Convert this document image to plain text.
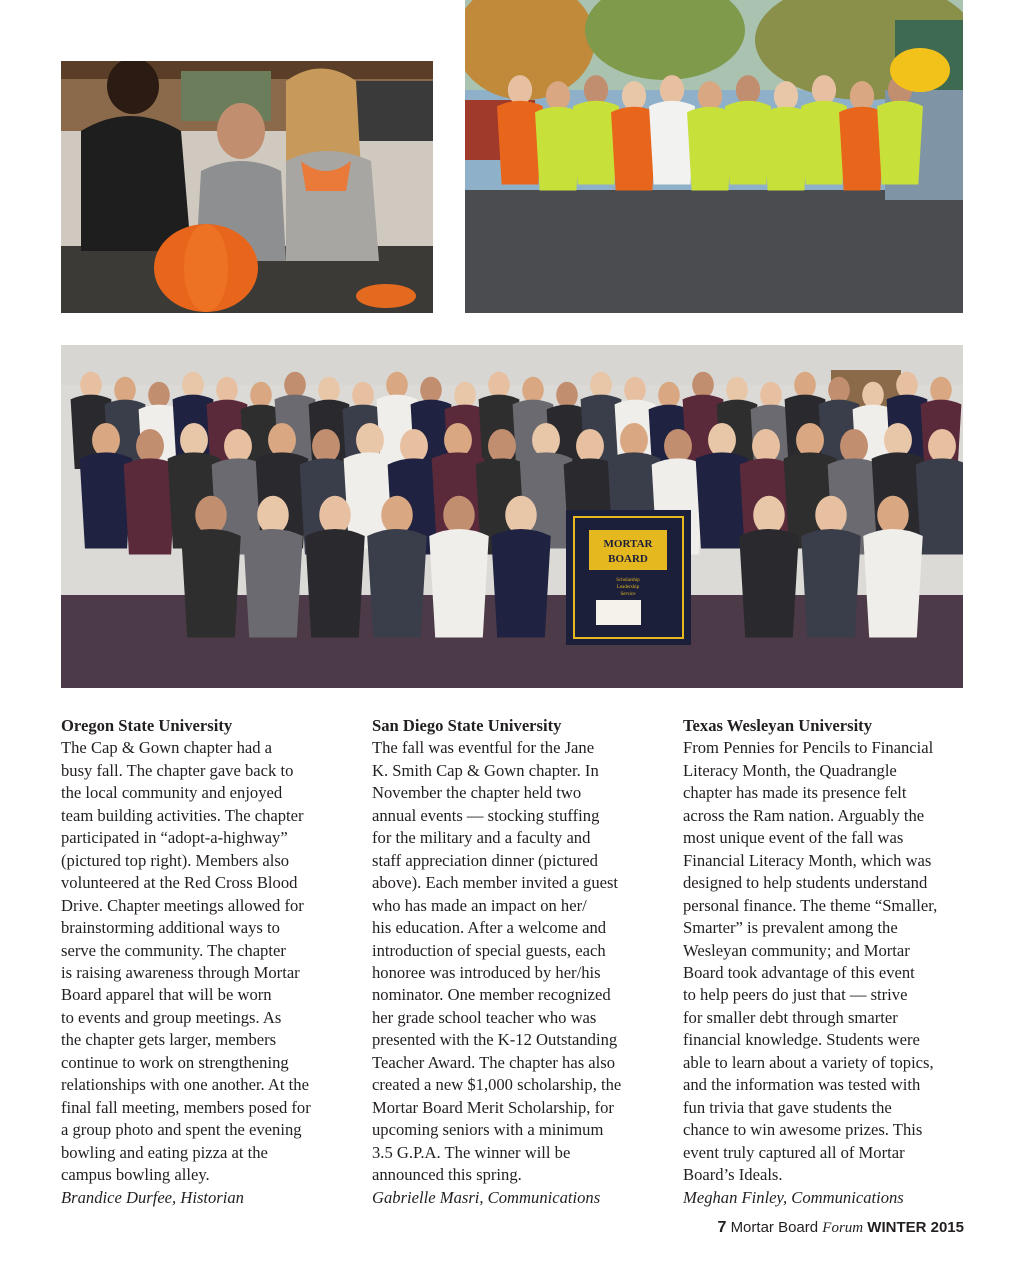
MORTAR
BOARD
Scholarship
Leadership
Service
Oregon State University
The Cap & Gown chapter had a
busy fall. The chapter gave back to
the local community and enjoyed
team building activities. The chapter
participated in “adopt-a-highway”
(pictured top right). Members also
volunteered at the Red Cross Blood
Drive. Chapter meetings allowed for
brainstorming additional ways to
serve the community. The chapter
is raising awareness through Mortar
Board apparel that will be worn
to events and group meetings. As
the chapter gets larger, members
continue to work on strengthening
relationships with one another. At the
final fall meeting, members posed for
a group photo and spent the evening
bowling and eating pizza at the
campus bowling alley.
Brandice Durfee, Historian
San Diego State University
The fall was eventful for the Jane
K. Smith Cap & Gown chapter. In
November the chapter held two
annual events — stocking stuffing
for the military and a faculty and
staff appreciation dinner (pictured
above). Each member invited a guest
who has made an impact on her/
his education. After a welcome and
introduction of special guests, each
honoree was introduced by her/his
nominator. One member recognized
her grade school teacher who was
presented with the K-12 Outstanding
Teacher Award. The chapter has also
created a new $1,000 scholarship, the
Mortar Board Merit Scholarship, for
upcoming seniors with a minimum
3.5 G.P.A. The winner will be
announced this spring.
Gabrielle Masri, Communications
Texas Wesleyan University
From Pennies for Pencils to Financial
Literacy Month, the Quadrangle
chapter has made its presence felt
across the Ram nation. Arguably the
most unique event of the fall was
Financial Literacy Month, which was
designed to help students understand
personal finance. The theme “Smaller,
Smarter” is prevalent among the
Wesleyan community; and Mortar
Board took advantage of this event
to help peers do just that — strive
for smaller debt through smarter
financial knowledge. Students were
able to learn about a variety of topics,
and the information was tested with
fun trivia that gave students the
chance to win awesome prizes. This
event truly captured all of Mortar
Board’s Ideals.
Meghan Finley, Communications
7 Mortar Board Forum WINTER 2015
